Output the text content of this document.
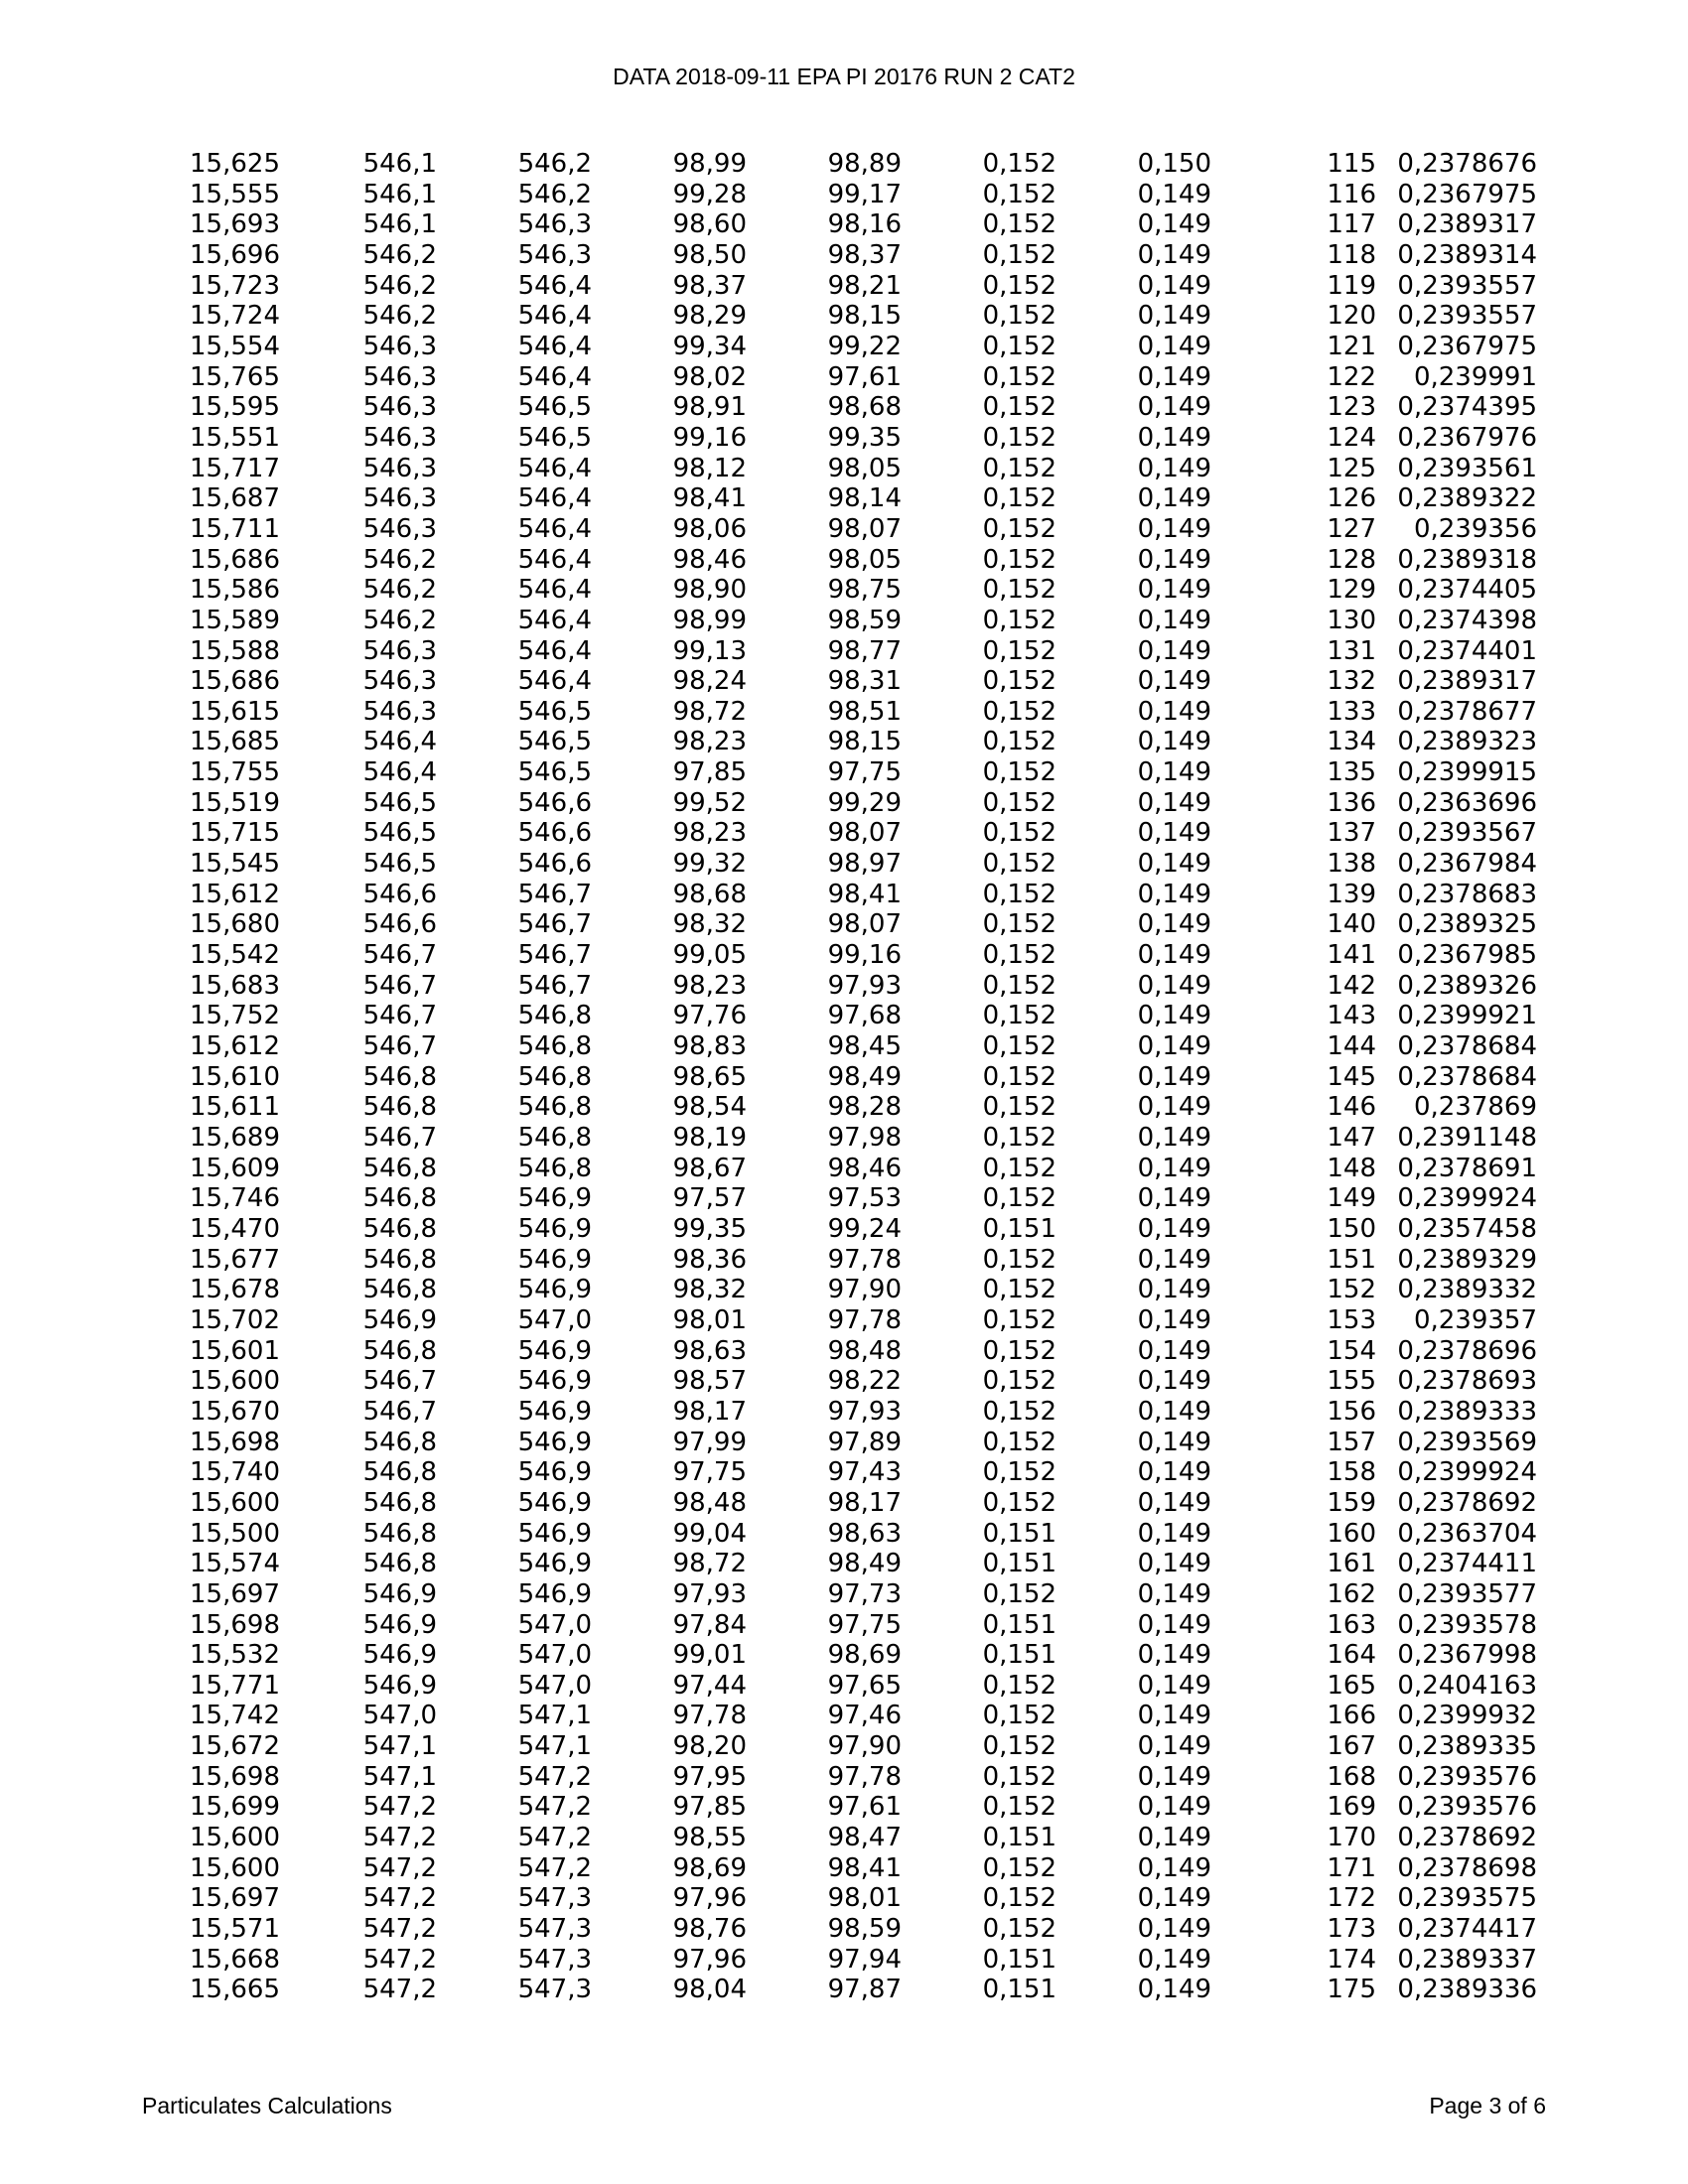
DATA 2018-09-11 EPA PI 20176 RUN 2 CAT2
15,625	546,1	546,2	98,99	98,89	0,152	0,150	115	0,2378676
15,555	546,1	546,2	99,28	99,17	0,152	0,149	116	0,2367975
15,693	546,1	546,3	98,60	98,16	0,152	0,149	117	0,2389317
15,696	546,2	546,3	98,50	98,37	0,152	0,149	118	0,2389314
15,723	546,2	546,4	98,37	98,21	0,152	0,149	119	0,2393557
15,724	546,2	546,4	98,29	98,15	0,152	0,149	120	0,2393557
15,554	546,3	546,4	99,34	99,22	0,152	0,149	121	0,2367975
15,765	546,3	546,4	98,02	97,61	0,152	0,149	122	0,239991
15,595	546,3	546,5	98,91	98,68	0,152	0,149	123	0,2374395
15,551	546,3	546,5	99,16	99,35	0,152	0,149	124	0,2367976
15,717	546,3	546,4	98,12	98,05	0,152	0,149	125	0,2393561
15,687	546,3	546,4	98,41	98,14	0,152	0,149	126	0,2389322
15,711	546,3	546,4	98,06	98,07	0,152	0,149	127	0,239356
15,686	546,2	546,4	98,46	98,05	0,152	0,149	128	0,2389318
15,586	546,2	546,4	98,90	98,75	0,152	0,149	129	0,2374405
15,589	546,2	546,4	98,99	98,59	0,152	0,149	130	0,2374398
15,588	546,3	546,4	99,13	98,77	0,152	0,149	131	0,2374401
15,686	546,3	546,4	98,24	98,31	0,152	0,149	132	0,2389317
15,615	546,3	546,5	98,72	98,51	0,152	0,149	133	0,2378677
15,685	546,4	546,5	98,23	98,15	0,152	0,149	134	0,2389323
15,755	546,4	546,5	97,85	97,75	0,152	0,149	135	0,2399915
15,519	546,5	546,6	99,52	99,29	0,152	0,149	136	0,2363696
15,715	546,5	546,6	98,23	98,07	0,152	0,149	137	0,2393567
15,545	546,5	546,6	99,32	98,97	0,152	0,149	138	0,2367984
15,612	546,6	546,7	98,68	98,41	0,152	0,149	139	0,2378683
15,680	546,6	546,7	98,32	98,07	0,152	0,149	140	0,2389325
15,542	546,7	546,7	99,05	99,16	0,152	0,149	141	0,2367985
15,683	546,7	546,7	98,23	97,93	0,152	0,149	142	0,2389326
15,752	546,7	546,8	97,76	97,68	0,152	0,149	143	0,2399921
15,612	546,7	546,8	98,83	98,45	0,152	0,149	144	0,2378684
15,610	546,8	546,8	98,65	98,49	0,152	0,149	145	0,2378684
15,611	546,8	546,8	98,54	98,28	0,152	0,149	146	0,237869
15,689	546,7	546,8	98,19	97,98	0,152	0,149	147	0,2391148
15,609	546,8	546,8	98,67	98,46	0,152	0,149	148	0,2378691
15,746	546,8	546,9	97,57	97,53	0,152	0,149	149	0,2399924
15,470	546,8	546,9	99,35	99,24	0,151	0,149	150	0,2357458
15,677	546,8	546,9	98,36	97,78	0,152	0,149	151	0,2389329
15,678	546,8	546,9	98,32	97,90	0,152	0,149	152	0,2389332
15,702	546,9	547,0	98,01	97,78	0,152	0,149	153	0,239357
15,601	546,8	546,9	98,63	98,48	0,152	0,149	154	0,2378696
15,600	546,7	546,9	98,57	98,22	0,152	0,149	155	0,2378693
15,670	546,7	546,9	98,17	97,93	0,152	0,149	156	0,2389333
15,698	546,8	546,9	97,99	97,89	0,152	0,149	157	0,2393569
15,740	546,8	546,9	97,75	97,43	0,152	0,149	158	0,2399924
15,600	546,8	546,9	98,48	98,17	0,152	0,149	159	0,2378692
15,500	546,8	546,9	99,04	98,63	0,151	0,149	160	0,2363704
15,574	546,8	546,9	98,72	98,49	0,151	0,149	161	0,2374411
15,697	546,9	546,9	97,93	97,73	0,152	0,149	162	0,2393577
15,698	546,9	547,0	97,84	97,75	0,151	0,149	163	0,2393578
15,532	546,9	547,0	99,01	98,69	0,151	0,149	164	0,2367998
15,771	546,9	547,0	97,44	97,65	0,152	0,149	165	0,2404163
15,742	547,0	547,1	97,78	97,46	0,152	0,149	166	0,2399932
15,672	547,1	547,1	98,20	97,90	0,152	0,149	167	0,2389335
15,698	547,1	547,2	97,95	97,78	0,152	0,149	168	0,2393576
15,699	547,2	547,2	97,85	97,61	0,152	0,149	169	0,2393576
15,600	547,2	547,2	98,55	98,47	0,151	0,149	170	0,2378692
15,600	547,2	547,2	98,69	98,41	0,152	0,149	171	0,2378698
15,697	547,2	547,3	97,96	98,01	0,152	0,149	172	0,2393575
15,571	547,2	547,3	98,76	98,59	0,152	0,149	173	0,2374417
15,668	547,2	547,3	97,96	97,94	0,151	0,149	174	0,2389337
15,665	547,2	547,3	98,04	97,87	0,151	0,149	175	0,2389336
Particulates Calculations	Page 3 of 6
